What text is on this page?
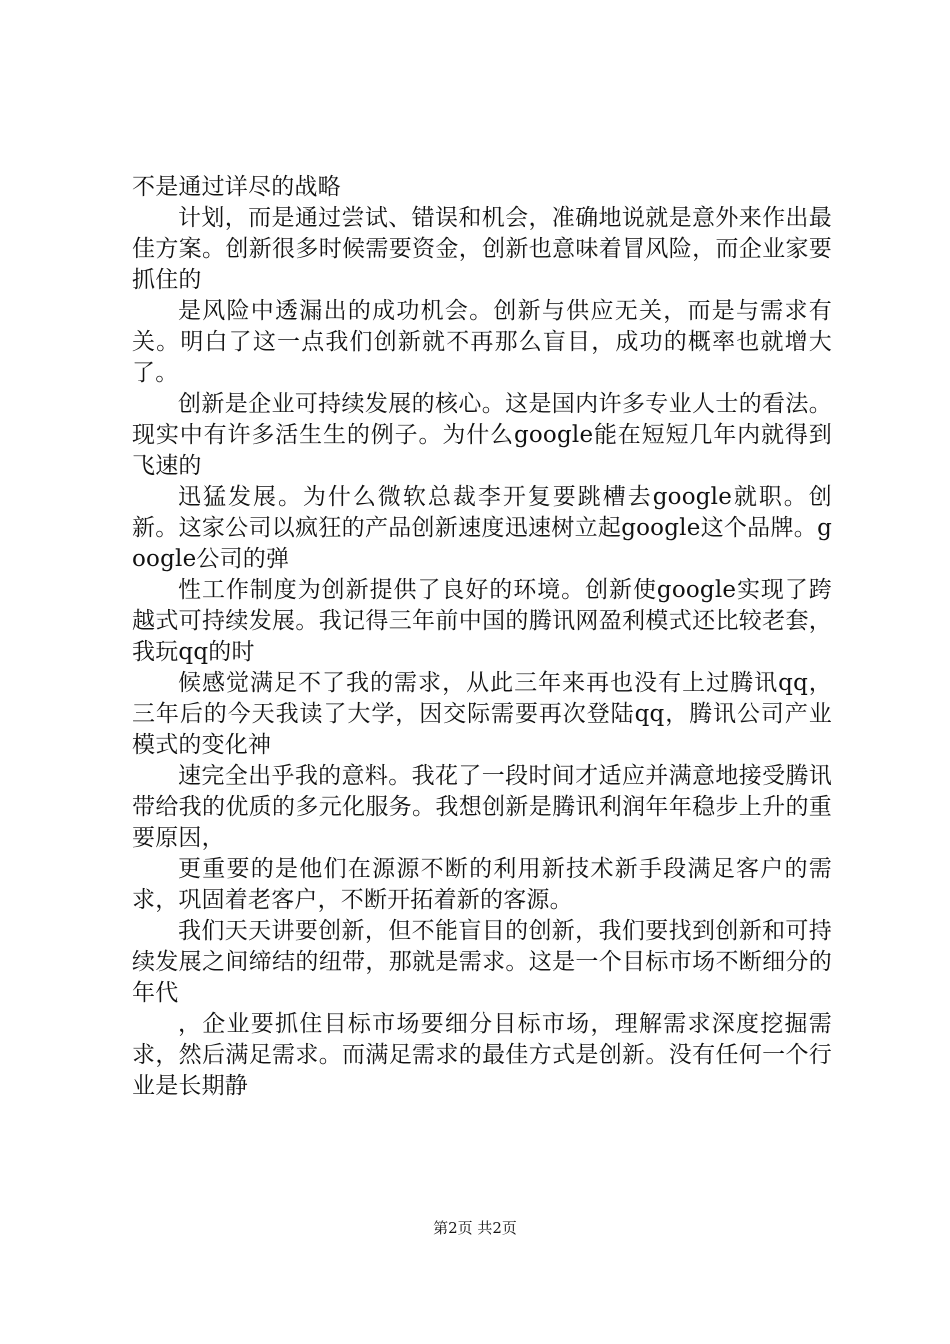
不是通过详尽的战略

计划，而是通过尝试、错误和机会，准确地说就是意外来作出最佳方案。创新很多时候需要资金，创新也意味着冒风险，而企业家要抓住的

是风险中透漏出的成功机会。创新与供应无关，而是与需求有关。明白了这一点我们创新就不再那么盲目，成功的概率也就增大了。

创新是企业可持续发展的核心。这是国内许多专业人士的看法。现实中有许多活生生的例子。为什么google能在短短几年内就得到飞速的

迅猛发展。为什么微软总裁李开复要跳槽去google就职。创新。这家公司以疯狂的产品创新速度迅速树立起google这个品牌。google公司的弹

性工作制度为创新提供了良好的环境。创新使google实现了跨越式可持续发展。我记得三年前中国的腾讯网盈利模式还比较老套，我玩qq的时

候感觉满足不了我的需求，从此三年来再也没有上过腾讯qq，三年后的今天我读了大学，因交际需要再次登陆qq，腾讯公司产业模式的变化神

速完全出乎我的意料。我花了一段时间才适应并满意地接受腾讯带给我的优质的多元化服务。我想创新是腾讯利润年年稳步上升的重要原因，

更重要的是他们在源源不断的利用新技术新手段满足客户的需求，巩固着老客户，不断开拓着新的客源。

我们天天讲要创新，但不能盲目的创新，我们要找到创新和可持续发展之间缔结的纽带，那就是需求。这是一个目标市场不断细分的年代

，企业要抓住目标市场要细分目标市场，理解需求深度挖掘需求，然后满足需求。而满足需求的最佳方式是创新。没有任何一个行业是长期静

第2页 共2页
